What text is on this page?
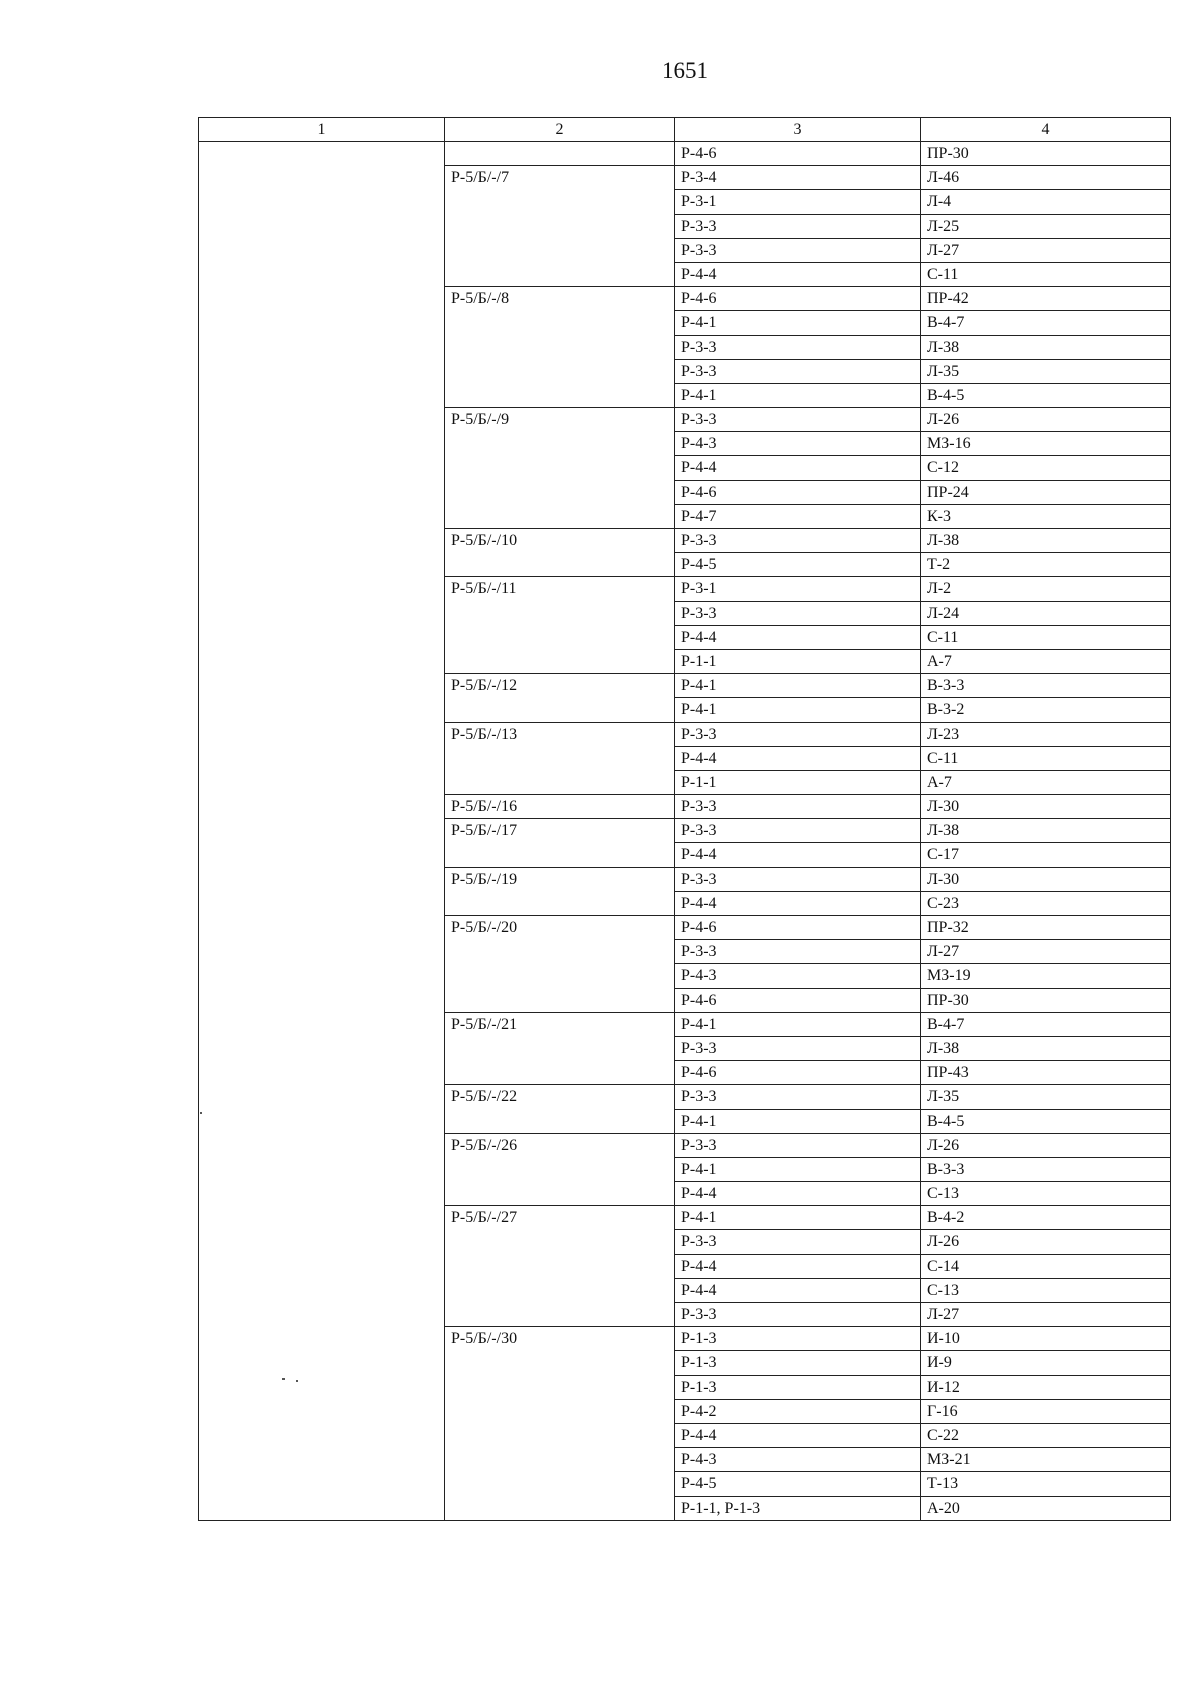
1651
1	2	3	4
		Р-4-6	ПР-30
	Р-5/Б/-/7	Р-3-4	Л-46
		Р-3-1	Л-4
		Р-3-3	Л-25
		Р-3-3	Л-27
		Р-4-4	С-11
	Р-5/Б/-/8	Р-4-6	ПР-42
		Р-4-1	В-4-7
		Р-3-3	Л-38
		Р-3-3	Л-35
		Р-4-1	В-4-5
	Р-5/Б/-/9	Р-3-3	Л-26
		Р-4-3	МЗ-16
		Р-4-4	С-12
		Р-4-6	ПР-24
		Р-4-7	К-3
	Р-5/Б/-/10	Р-3-3	Л-38
		Р-4-5	Т-2
	Р-5/Б/-/11	Р-3-1	Л-2
		Р-3-3	Л-24
		Р-4-4	С-11
		Р-1-1	А-7
	Р-5/Б/-/12	Р-4-1	В-3-3
		Р-4-1	В-3-2
	Р-5/Б/-/13	Р-3-3	Л-23
		Р-4-4	С-11
		Р-1-1	А-7
	Р-5/Б/-/16	Р-3-3	Л-30
	Р-5/Б/-/17	Р-3-3	Л-38
		Р-4-4	С-17
	Р-5/Б/-/19	Р-3-3	Л-30
		Р-4-4	С-23
	Р-5/Б/-/20	Р-4-6	ПР-32
		Р-3-3	Л-27
		Р-4-3	МЗ-19
		Р-4-6	ПР-30
	Р-5/Б/-/21	Р-4-1	В-4-7
		Р-3-3	Л-38
		Р-4-6	ПР-43
	Р-5/Б/-/22	Р-3-3	Л-35
		Р-4-1	В-4-5
	Р-5/Б/-/26	Р-3-3	Л-26
		Р-4-1	В-3-3
		Р-4-4	С-13
	Р-5/Б/-/27	Р-4-1	В-4-2
		Р-3-3	Л-26
		Р-4-4	С-14
		Р-4-4	С-13
		Р-3-3	Л-27
	Р-5/Б/-/30	Р-1-3	И-10
		Р-1-3	И-9
		Р-1-3	И-12
		Р-4-2	Г-16
		Р-4-4	С-22
		Р-4-3	МЗ-21
		Р-4-5	Т-13
		Р-1-1, Р-1-3	А-20
